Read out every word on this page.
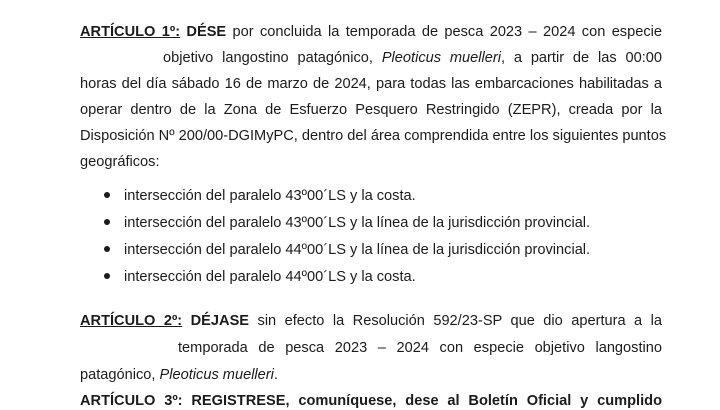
ARTÍCULO 1º: DÉSE por concluida la temporada de pesca 2023 – 2024 con especie
objetivo langostino patagónico, Pleoticus muelleri, a partir de las 00:00
horas del día sábado 16 de marzo de 2024, para todas las embarcaciones habilitadas a
operar dentro de la Zona de Esfuerzo Pesquero Restringido (ZEPR), creada por la
Disposición Nº 200/00-DGIMyPC, dentro del área comprendida entre los siguientes puntos
geográficos:
intersección del paralelo 43º00´LS y la costa.
intersección del paralelo 43º00´LS y la línea de la jurisdicción provincial.
intersección del paralelo 44º00´LS y la línea de la jurisdicción provincial.
intersección del paralelo 44º00´LS y la costa.
ARTÍCULO 2º: DÉJASE sin efecto la Resolución 592/23-SP que dio apertura a la
temporada de pesca 2023 – 2024 con especie objetivo langostino
patagónico, Pleoticus muelleri.
ARTÍCULO 3º: REGISTRESE, comuníquese, dese al Boletín Oficial y cumplido
